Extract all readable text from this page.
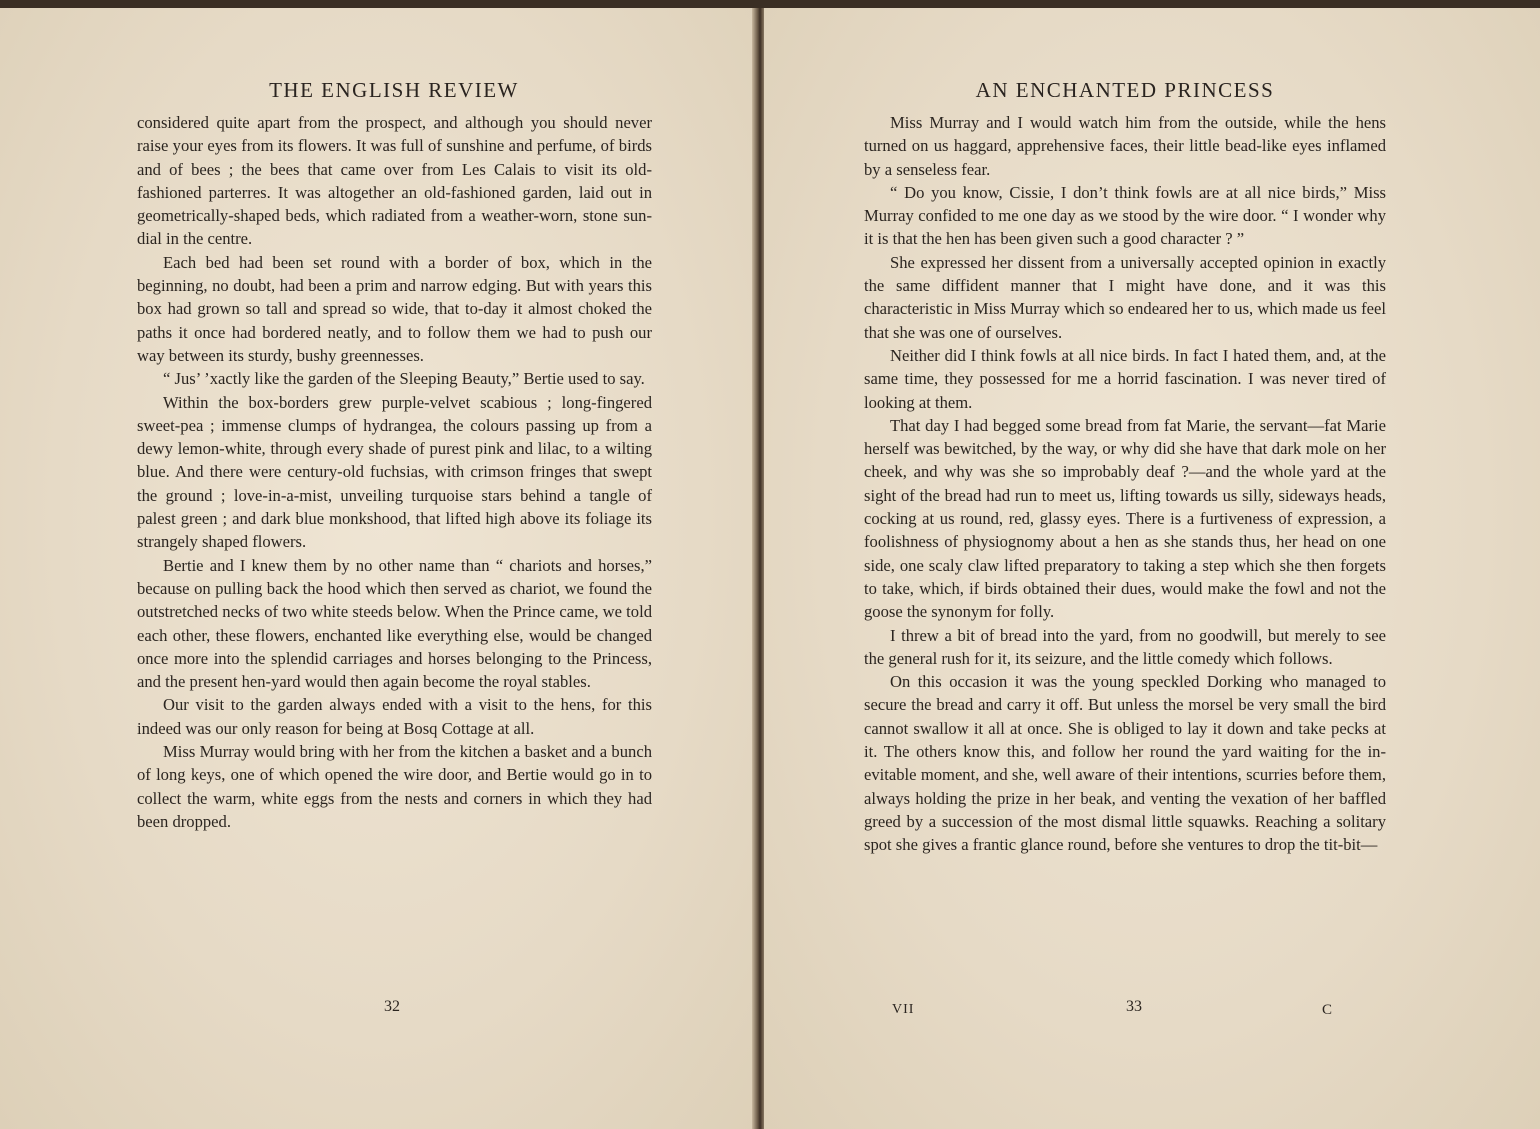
THE ENGLISH REVIEW

considered quite apart from the prospect, and although you should never raise your eyes from its flowers. It was full of sunshine and perfume, of birds and of bees ; the bees that came over from Les Calais to visit its old-fashioned parterres. It was altogether an old-fashioned garden, laid out in geometrically-shaped beds, which radiated from a weather-worn, stone sun-dial in the centre.

Each bed had been set round with a border of box, which in the beginning, no doubt, had been a prim and narrow edging. But with years this box had grown so tall and spread so wide, that to-day it almost choked the paths it once had bordered neatly, and to follow them we had to push our way between its sturdy, bushy greennesses.

“ Jus’ ’xactly like the garden of the Sleeping Beauty,” Bertie used to say.

Within the box-borders grew purple-velvet scabious ; long-fingered sweet-pea ; immense clumps of hydrangea, the colours passing up from a dewy lemon-white, through every shade of purest pink and lilac, to a wilting blue. And there were century-old fuchsias, with crimson fringes that swept the ground ; love-in-a-mist, unveiling turquoise stars behind a tangle of palest green ; and dark blue monkshood, that lifted high above its foliage its strangely shaped flowers.

Bertie and I knew them by no other name than “ chariots and horses,” because on pulling back the hood which then served as chariot, we found the outstretched necks of two white steeds below. When the Prince came, we told each other, these flowers, enchanted like everything else, would be changed once more into the splendid carriages and horses belonging to the Princess, and the present hen-yard would then again become the royal stables.

Our visit to the garden always ended with a visit to the hens, for this indeed was our only reason for being at Bosq Cottage at all.

Miss Murray would bring with her from the kitchen a basket and a bunch of long keys, one of which opened the wire door, and Bertie would go in to collect the warm, white eggs from the nests and corners in which they had been dropped.

32
AN ENCHANTED PRINCESS

Miss Murray and I would watch him from the outside, while the hens turned on us haggard, apprehensive faces, their little bead-like eyes inflamed by a senseless fear.

“ Do you know, Cissie, I don’t think fowls are at all nice birds,” Miss Murray confided to me one day as we stood by the wire door. “ I wonder why it is that the hen has been given such a good character ? ”

She expressed her dissent from a universally accepted opinion in exactly the same diffident manner that I might have done, and it was this characteristic in Miss Murray which so endeared her to us, which made us feel that she was one of ourselves.

Neither did I think fowls at all nice birds. In fact I hated them, and, at the same time, they possessed for me a horrid fascination. I was never tired of looking at them.

That day I had begged some bread from fat Marie, the servant—fat Marie herself was bewitched, by the way, or why did she have that dark mole on her cheek, and why was she so improbably deaf ?—and the whole yard at the sight of the bread had run to meet us, lifting towards us silly, sideways heads, cocking at us round, red, glassy eyes. There is a furtiveness of expression, a foolishness of physiognomy about a hen as she stands thus, her head on one side, one scaly claw lifted preparatory to taking a step which she then forgets to take, which, if birds obtained their dues, would make the fowl and not the goose the synonym for folly.

I threw a bit of bread into the yard, from no goodwill, but merely to see the general rush for it, its seizure, and the little comedy which follows.

On this occasion it was the young speckled Dorking who managed to secure the bread and carry it off. But unless the morsel be very small the bird cannot swallow it all at once. She is obliged to lay it down and take pecks at it. The others know this, and follow her round the yard waiting for the in-evitable moment, and she, well aware of their intentions, scurries before them, always holding the prize in her beak, and venting the vexation of her baffled greed by a succession of the most dismal little squawks. Reaching a solitary spot she gives a frantic glance round, before she ventures to drop the tit-bit—

VII	33	C
